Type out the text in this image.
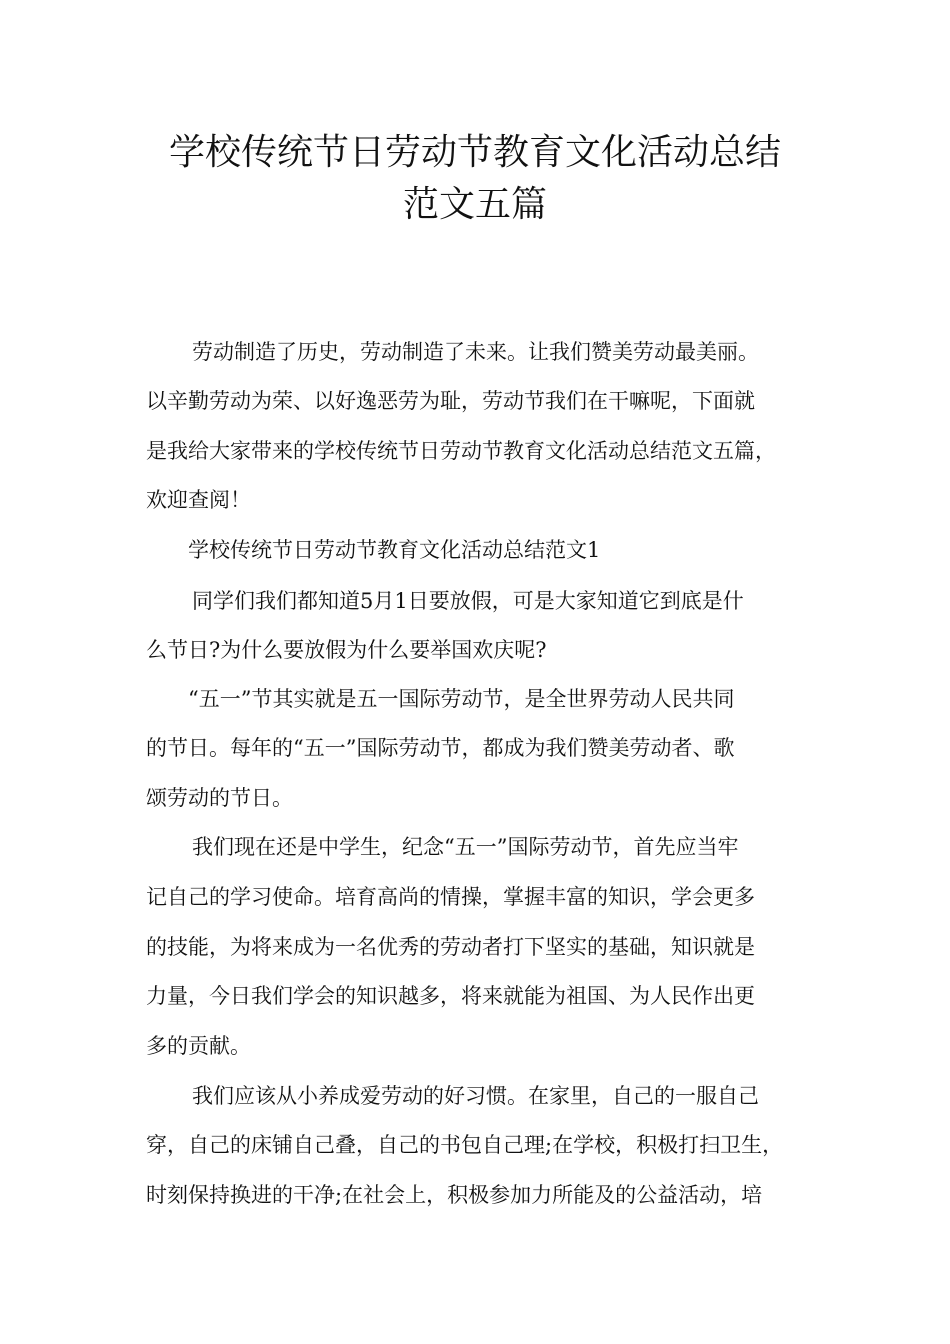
学校传统节日劳动节教育文化活动总结
范文五篇
劳动制造了历史，劳动制造了未来。让我们赞美劳动最美丽。
以辛勤劳动为荣、以好逸恶劳为耻，劳动节我们在干嘛呢，下面就
是我给大家带来的学校传统节日劳动节教育文化活动总结范文五篇，
欢迎查阅！
学校传统节日劳动节教育文化活动总结范文1
同学们我们都知道5月1日要放假，可是大家知道它到底是什
么节日?为什么要放假为什么要举国欢庆呢?
“五一”节其实就是五一国际劳动节，是全世界劳动人民共同
的节日。每年的“五一”国际劳动节，都成为我们赞美劳动者、歌
颂劳动的节日。
我们现在还是中学生，纪念“五一”国际劳动节，首先应当牢
记自己的学习使命。培育高尚的情操，掌握丰富的知识，学会更多
的技能，为将来成为一名优秀的劳动者打下坚实的基础，知识就是
力量，今日我们学会的知识越多，将来就能为祖国、为人民作出更
多的贡献。
我们应该从小养成爱劳动的好习惯。在家里，自己的一服自己
穿，自己的床铺自己叠，自己的书包自己理;在学校，积极打扫卫生，
时刻保持换进的干净;在社会上，积极参加力所能及的公益活动，培
